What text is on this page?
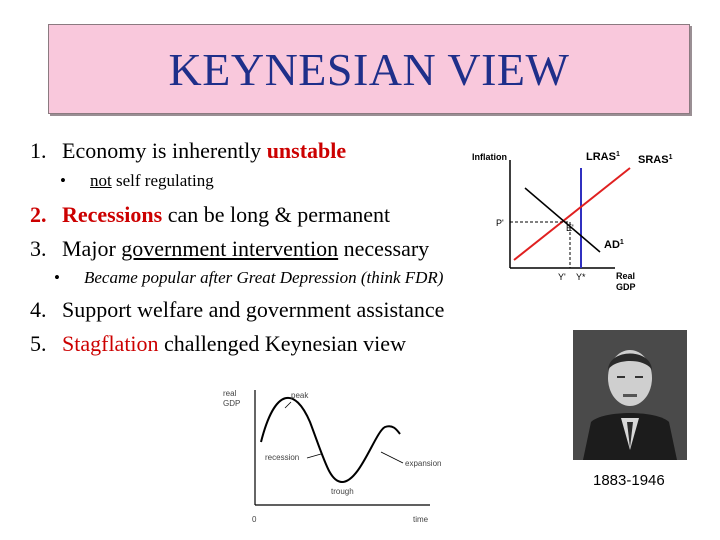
KEYNESIAN VIEW
1. Economy is inherently unstable
• not self regulating
2. Recessions can be long & permanent
3. Major government intervention necessary
• Became popular after Great Depression (think FDR)
4. Support welfare and government assistance
5. Stagflation challenged Keynesian view
Inflation	LRAS$^1$ SRAS$^1$
$AD^1$
P'	E'
Y' Y*	Real
GDP
real
GDP
peak
recession
expansion
trough
0	time
1883-1946
